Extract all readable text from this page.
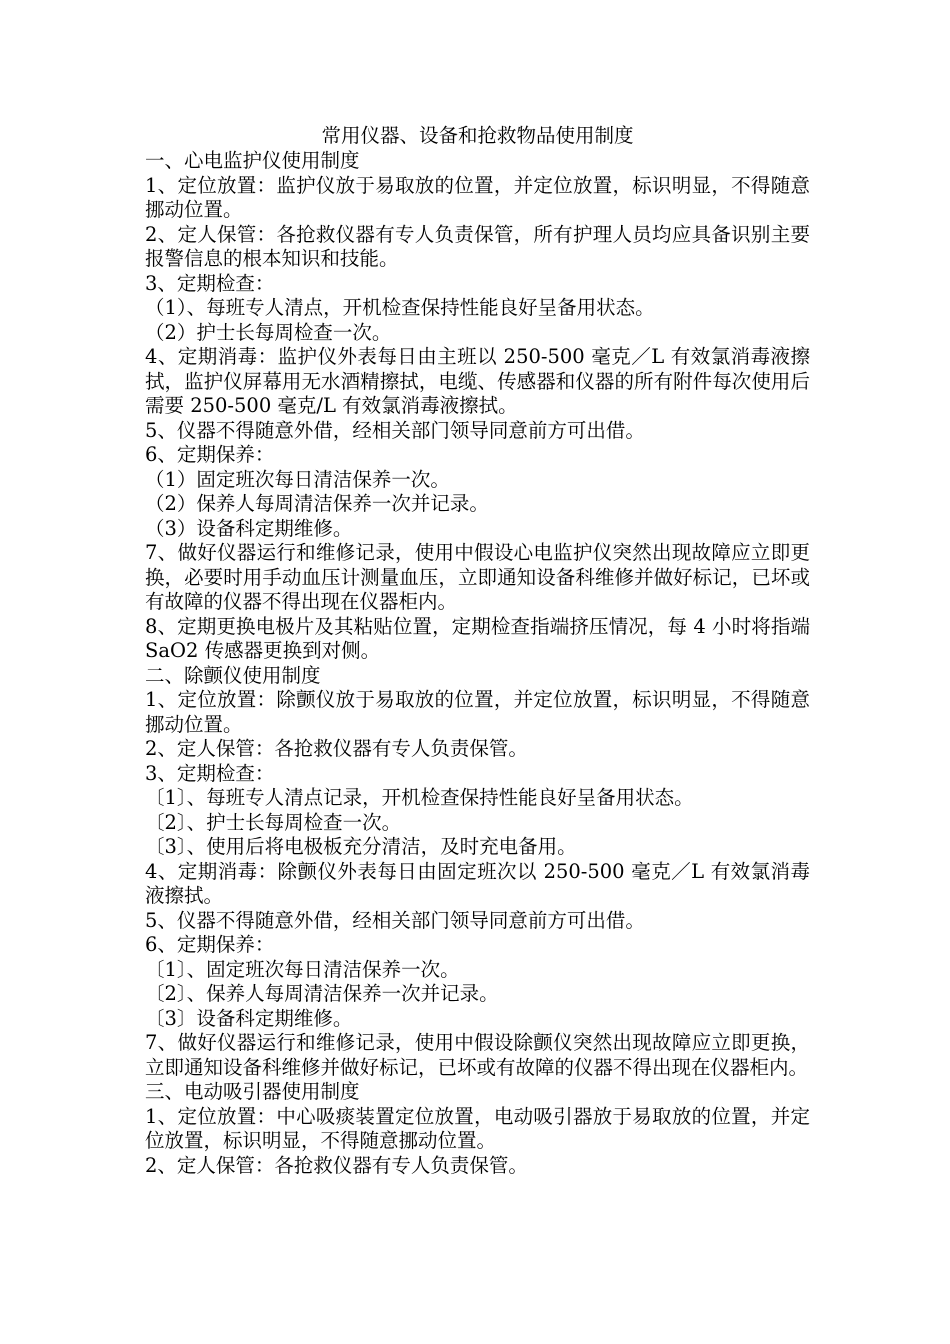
常用仪器、设备和抢救物品使用制度
一、心电监护仪使用制度
1、定位放置：监护仪放于易取放的位置，并定位放置，标识明显，不得随意挪动位置。
2、定人保管：各抢救仪器有专人负责保管，所有护理人员均应具备识别主要报警信息的根本知识和技能。
3、定期检查：
（1）、每班专人清点，开机检查保持性能良好呈备用状态。
（2）护士长每周检查一次。
4、定期消毒：监护仪外表每日由主班以 250-500 毫克／L 有效氯消毒液擦拭，监护仪屏幕用无水酒精擦拭，电缆、传感器和仪器的所有附件每次使用后需要 250-500 毫克/L 有效氯消毒液擦拭。
5、仪器不得随意外借，经相关部门领导同意前方可出借。
6、定期保养：
（1）固定班次每日清洁保养一次。
（2）保养人每周清洁保养一次并记录。
（3）设备科定期维修。
7、做好仪器运行和维修记录，使用中假设心电监护仪突然出现故障应立即更换，必要时用手动血压计测量血压，立即通知设备科维修并做好标记，已坏或有故障的仪器不得出现在仪器柜内。
8、定期更换电极片及其粘贴位置，定期检查指端挤压情况，每 4 小时将指端 SaO2 传感器更换到对侧。
二、除颤仪使用制度
1、定位放置：除颤仪放于易取放的位置，并定位放置，标识明显，不得随意挪动位置。
2、定人保管：各抢救仪器有专人负责保管。
3、定期检查：
〔1〕、每班专人清点记录，开机检查保持性能良好呈备用状态。
〔2〕、护士长每周检查一次。
〔3〕、使用后将电极板充分清洁，及时充电备用。
4、定期消毒：除颤仪外表每日由固定班次以 250-500 毫克／L 有效氯消毒液擦拭。
5、仪器不得随意外借，经相关部门领导同意前方可出借。
6、定期保养：
〔1〕、固定班次每日清洁保养一次。
〔2〕、保养人每周清洁保养一次并记录。
〔3〕设备科定期维修。
7、做好仪器运行和维修记录，使用中假设除颤仪突然出现故障应立即更换，立即通知设备科维修并做好标记，已坏或有故障的仪器不得出现在仪器柜内。
三、电动吸引器使用制度
1、定位放置：中心吸痰装置定位放置，电动吸引器放于易取放的位置，并定位放置，标识明显，不得随意挪动位置。
2、定人保管：各抢救仪器有专人负责保管。
